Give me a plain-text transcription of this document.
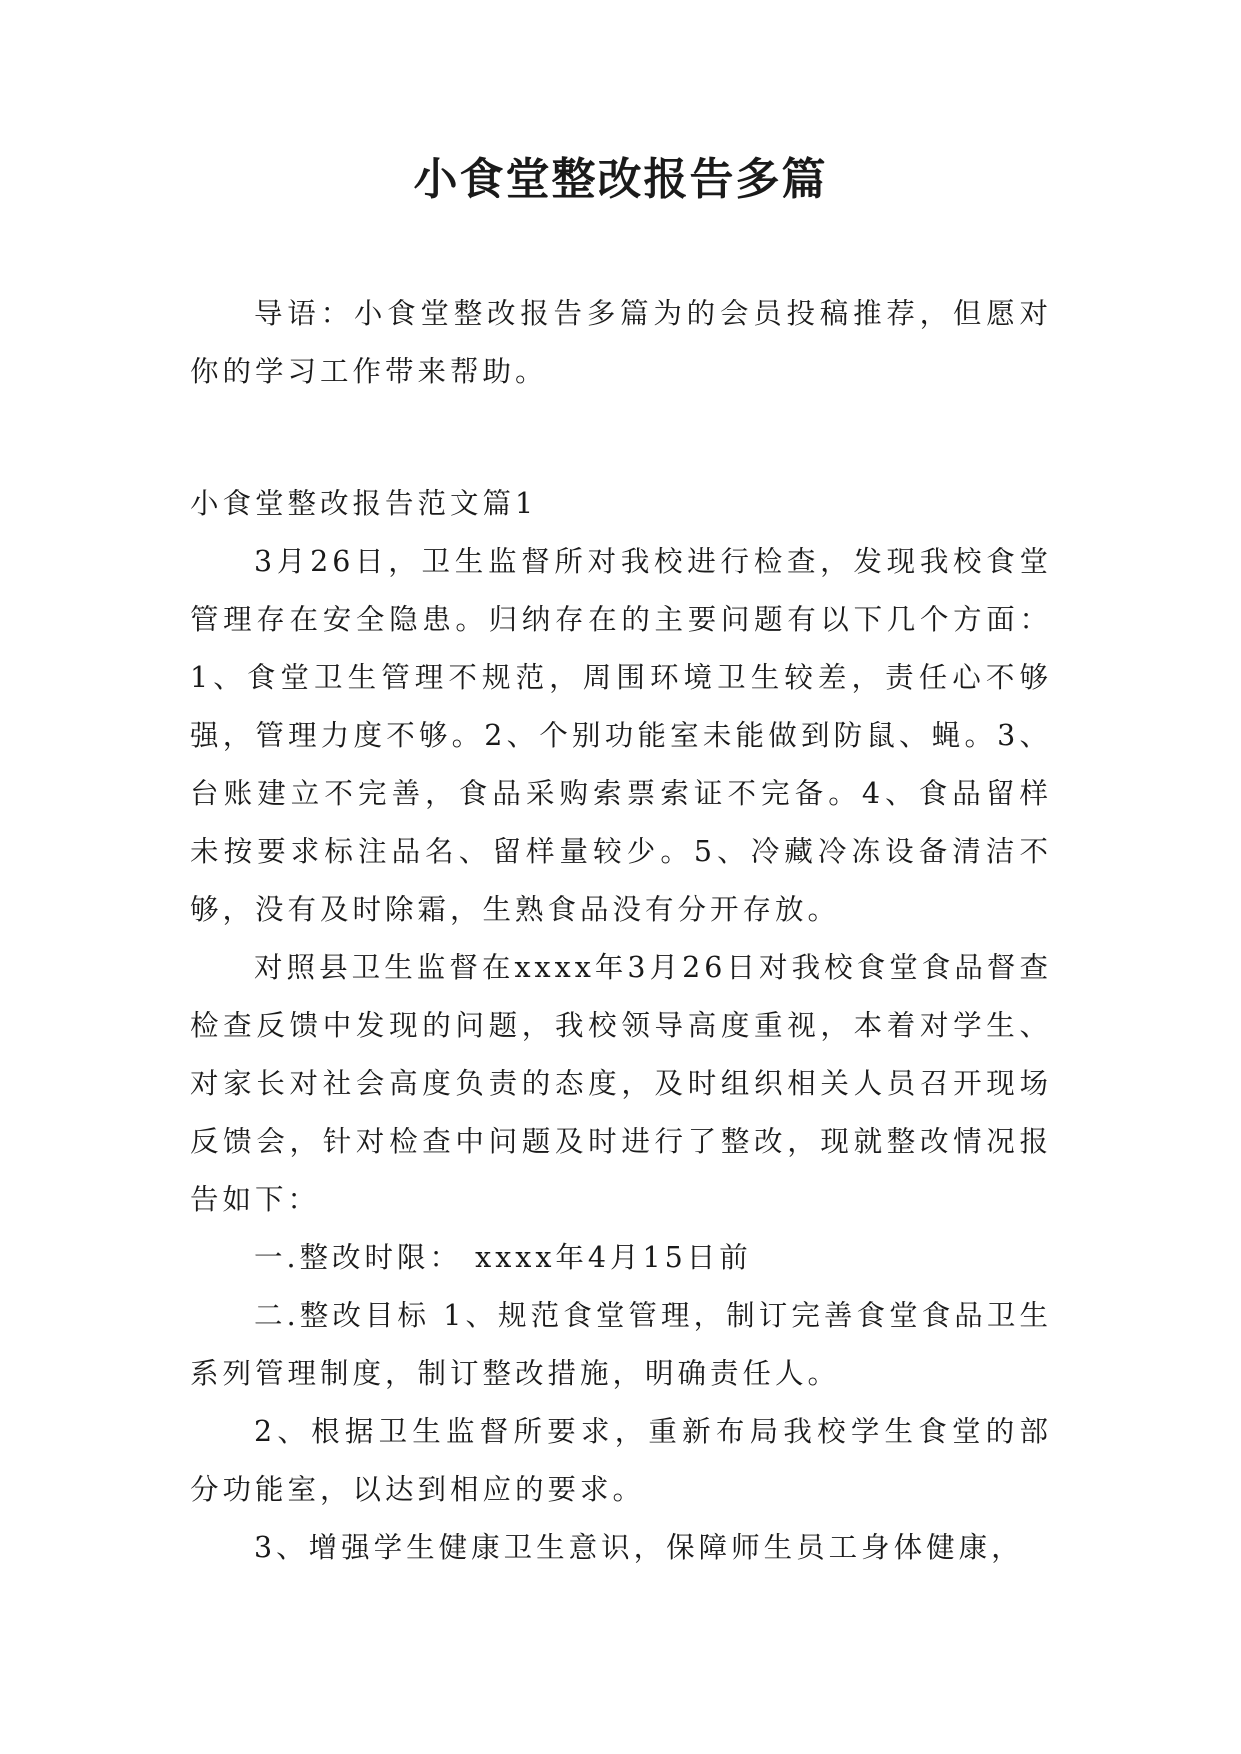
小食堂整改报告多篇

导语：小食堂整改报告多篇为的会员投稿推荐，但愿对你的学习工作带来帮助。

小食堂整改报告范文篇1

3月26日，卫生监督所对我校进行检查，发现我校食堂管理存在安全隐患。归纳存在的主要问题有以下几个方面：1、食堂卫生管理不规范，周围环境卫生较差，责任心不够强，管理力度不够。2、个别功能室未能做到防鼠、蝇。3、台账建立不完善，食品采购索票索证不完备。4、食品留样未按要求标注品名、留样量较少。5、冷藏冷冻设备清洁不够，没有及时除霜，生熟食品没有分开存放。

对照县卫生监督在xxxx年3月26日对我校食堂食品督查检查反馈中发现的问题，我校领导高度重视，本着对学生、对家长对社会高度负责的态度，及时组织相关人员召开现场反馈会，针对检查中问题及时进行了整改，现就整改情况报告如下：

一.整改时限： xxxx年4月15日前

二.整改目标 1、规范食堂管理，制订完善食堂食品卫生系列管理制度，制订整改措施，明确责任人。

2、根据卫生监督所要求，重新布局我校学生食堂的部分功能室，以达到相应的要求。

3、增强学生健康卫生意识，保障师生员工身体健康，
